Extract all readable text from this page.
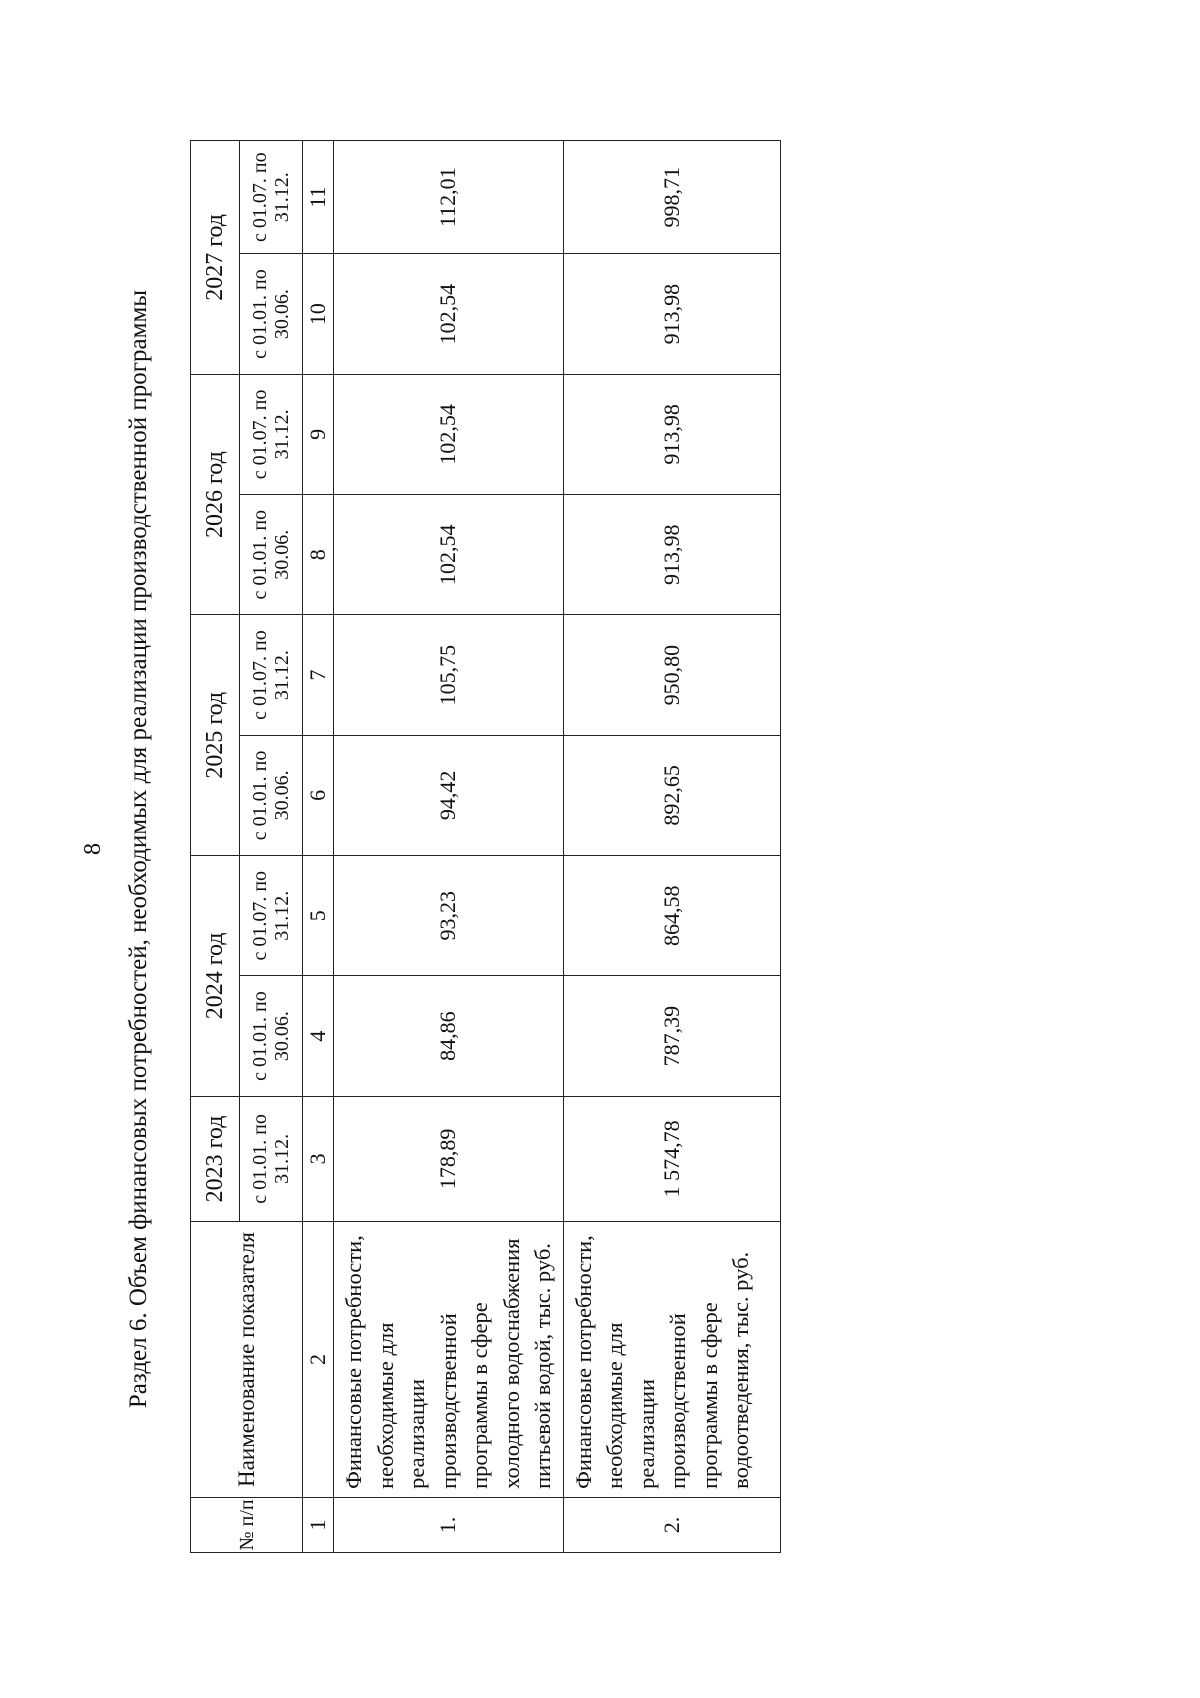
8 Раздел 6. Объем финансовых потребностей, необходимых для реализации производственной программы
№ п/п	Наименование показателя	2023 год	2024 год		2025 год		2026 год		2027 год	
		с 01.01. по 31.12.	с 01.01. по 30.06.	с 01.07. по 31.12.	с 01.01. по 30.06.	с 01.07. по 31.12.	с 01.01. по 30.06.	с 01.07. по 31.12.	с 01.01. по 30.06.	с 01.07. по 31.12.
1	2	3	4	5	6	7	8	9	10	11
1.	Финансовые потребности, необходимые для реализации производственной программы в сфере холодного водоснабжения питьевой водой, тыс. руб.	178,89	84,86	93,23	94,42	105,75	102,54	102,54	102,54	112,01
2.	Финансовые потребности, необходимые для реализации производственной программы в сфере водоотведения, тыс. руб.	1 574,78	787,39	864,58	892,65	950,80	913,98	913,98	913,98	998,71
